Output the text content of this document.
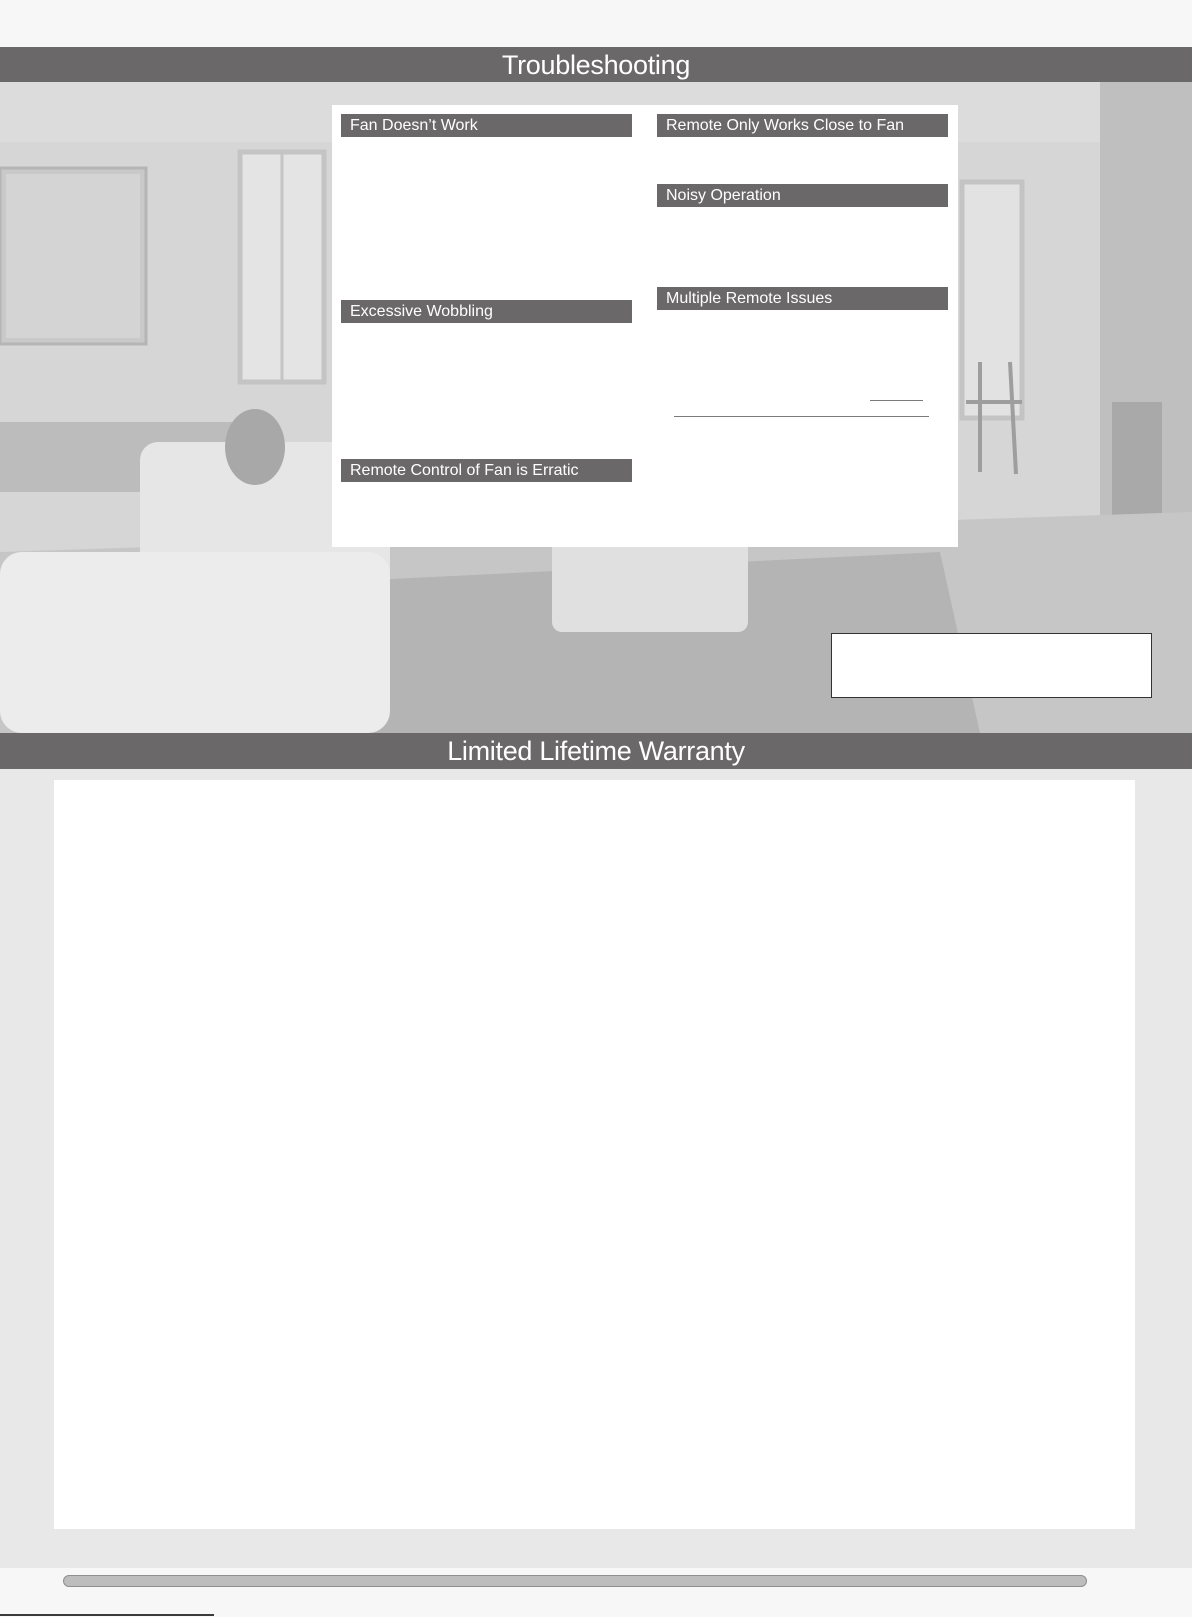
Troubleshooting
Fan Doesn’t Work
Excessive Wobbling
Remote Control of Fan is Erratic
Remote Only Works Close to Fan
Noisy Operation
Multiple Remote Issues
Limited Lifetime Warranty
